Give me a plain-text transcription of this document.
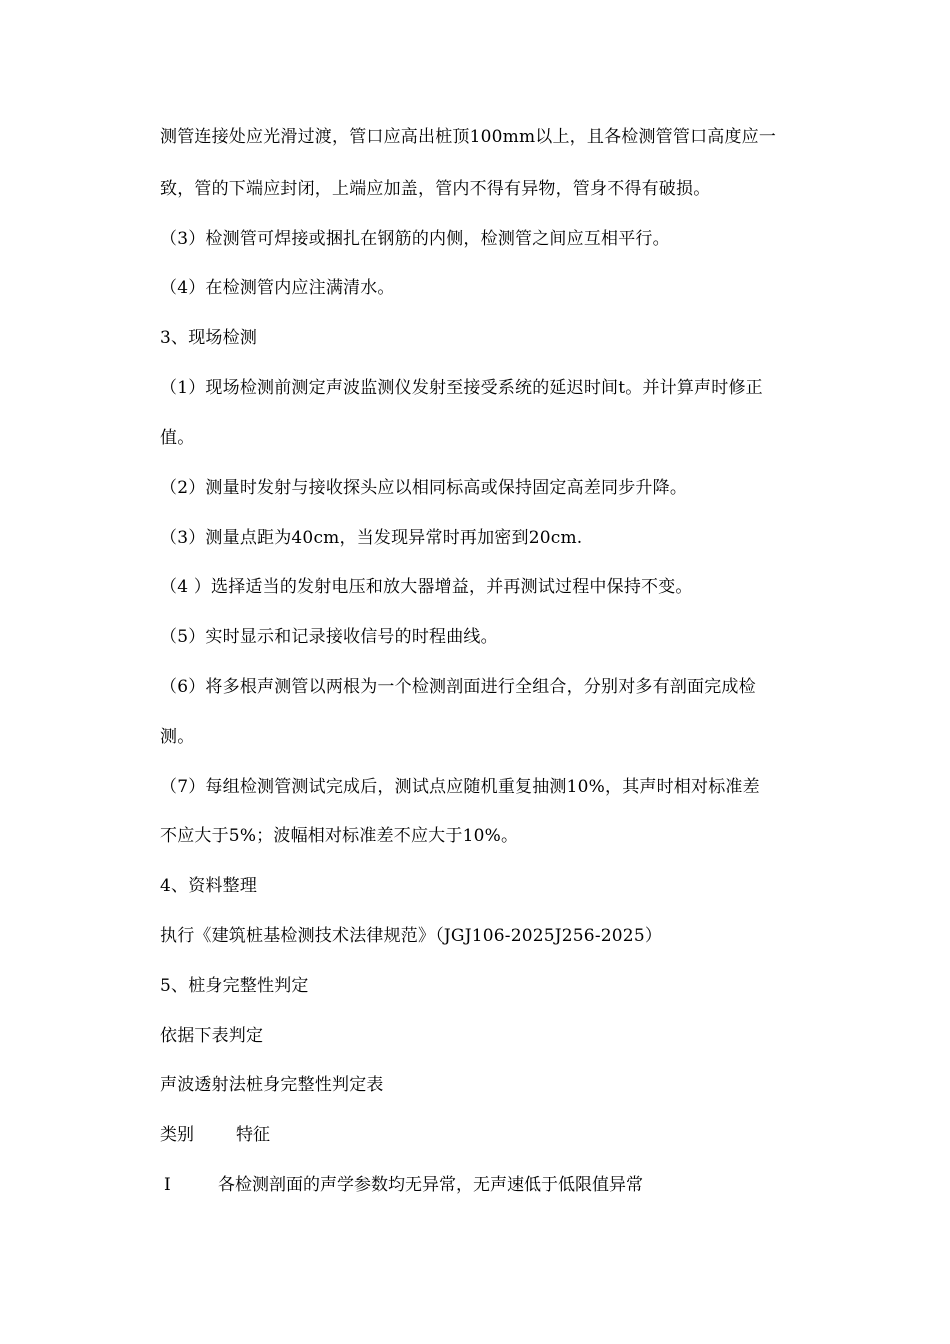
测管连接处应光滑过渡，管口应高出桩顶100mm以上，且各检测管管口高度应一
致，管的下端应封闭，上端应加盖，管内不得有异物，管身不得有破损。
（3）检测管可焊接或捆扎在钢筋的内侧，检测管之间应互相平行。
（4）在检测管内应注满清水。
3、现场检测
（1）现场检测前测定声波监测仪发射至接受系统的延迟时间t。并计算声时修正
值。
（2）测量时发射与接收探头应以相同标高或保持固定高差同步升降。
（3）测量点距为40cm，当发现异常时再加密到20cm.
（4 ）选择适当的发射电压和放大器增益，并再测试过程中保持不变。
（5）实时显示和记录接收信号的时程曲线。
（6）将多根声测管以两根为一个检测剖面进行全组合，分别对多有剖面完成检
测。
（7）每组检测管测试完成后，测试点应随机重复抽测10%，其声时相对标准差
不应大于5%；波幅相对标准差不应大于10%。
4、资料整理
执行《建筑桩基检测技术法律规范》（JGJ106-2025J256-2025）
5、桩身完整性判定
依据下表判定
声波透射法桩身完整性判定表
类别 特征
Ⅰ	各检测剖面的声学参数均无异常，无声速低于低限值异常
